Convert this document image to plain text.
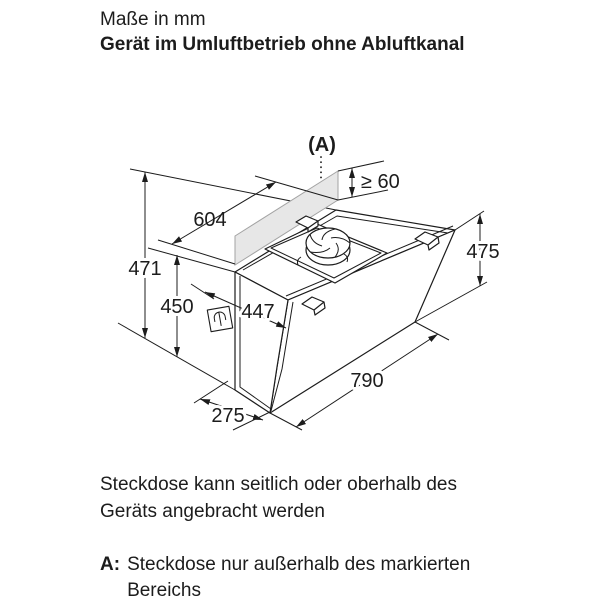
Maße in mm
Gerät im Umluftbetrieb ohne Abluftkanal
(A)
≥ 60
604
471
450 447
475
790
275
Steckdose kann seitlich oder oberhalb des Geräts angebracht werden
A: Steckdose nur außerhalb des markierten Bereichs
